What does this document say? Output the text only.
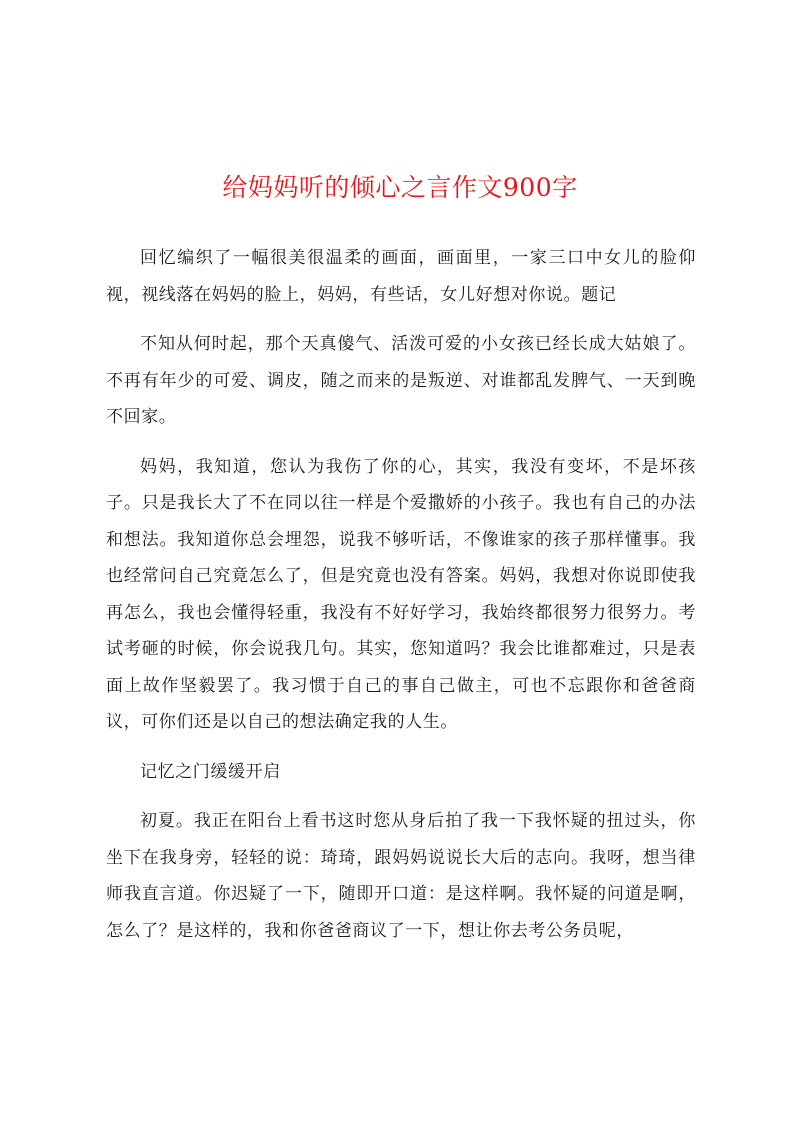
给妈妈听的倾心之言作文900字

回忆编织了一幅很美很温柔的画面，画面里，一家三口中女儿的脸仰视，视线落在妈妈的脸上，妈妈，有些话，女儿好想对你说。题记

不知从何时起，那个天真傻气、活泼可爱的小女孩已经长成大姑娘了。不再有年少的可爱、调皮，随之而来的是叛逆、对谁都乱发脾气、一天到晚不回家。

妈妈，我知道，您认为我伤了你的心，其实，我没有变坏，不是坏孩子。只是我长大了不在同以往一样是个爱撒娇的小孩子。我也有自己的办法和想法。我知道你总会埋怨，说我不够听话，不像谁家的孩子那样懂事。我也经常问自己究竟怎么了，但是究竟也没有答案。妈妈，我想对你说即使我再怎么，我也会懂得轻重，我没有不好好学习，我始终都很努力很努力。考试考砸的时候，你会说我几句。其实，您知道吗？我会比谁都难过，只是表面上故作坚毅罢了。我习惯于自己的事自己做主，可也不忘跟你和爸爸商议，可你们还是以自己的想法确定我的人生。

记忆之门缓缓开启

初夏。我正在阳台上看书这时您从身后拍了我一下我怀疑的扭过头，你坐下在我身旁，轻轻的说：琦琦，跟妈妈说说长大后的志向。我呀，想当律师我直言道。你迟疑了一下，随即开口道：是这样啊。我怀疑的问道是啊，怎么了？是这样的，我和你爸爸商议了一下，想让你去考公务员呢，
